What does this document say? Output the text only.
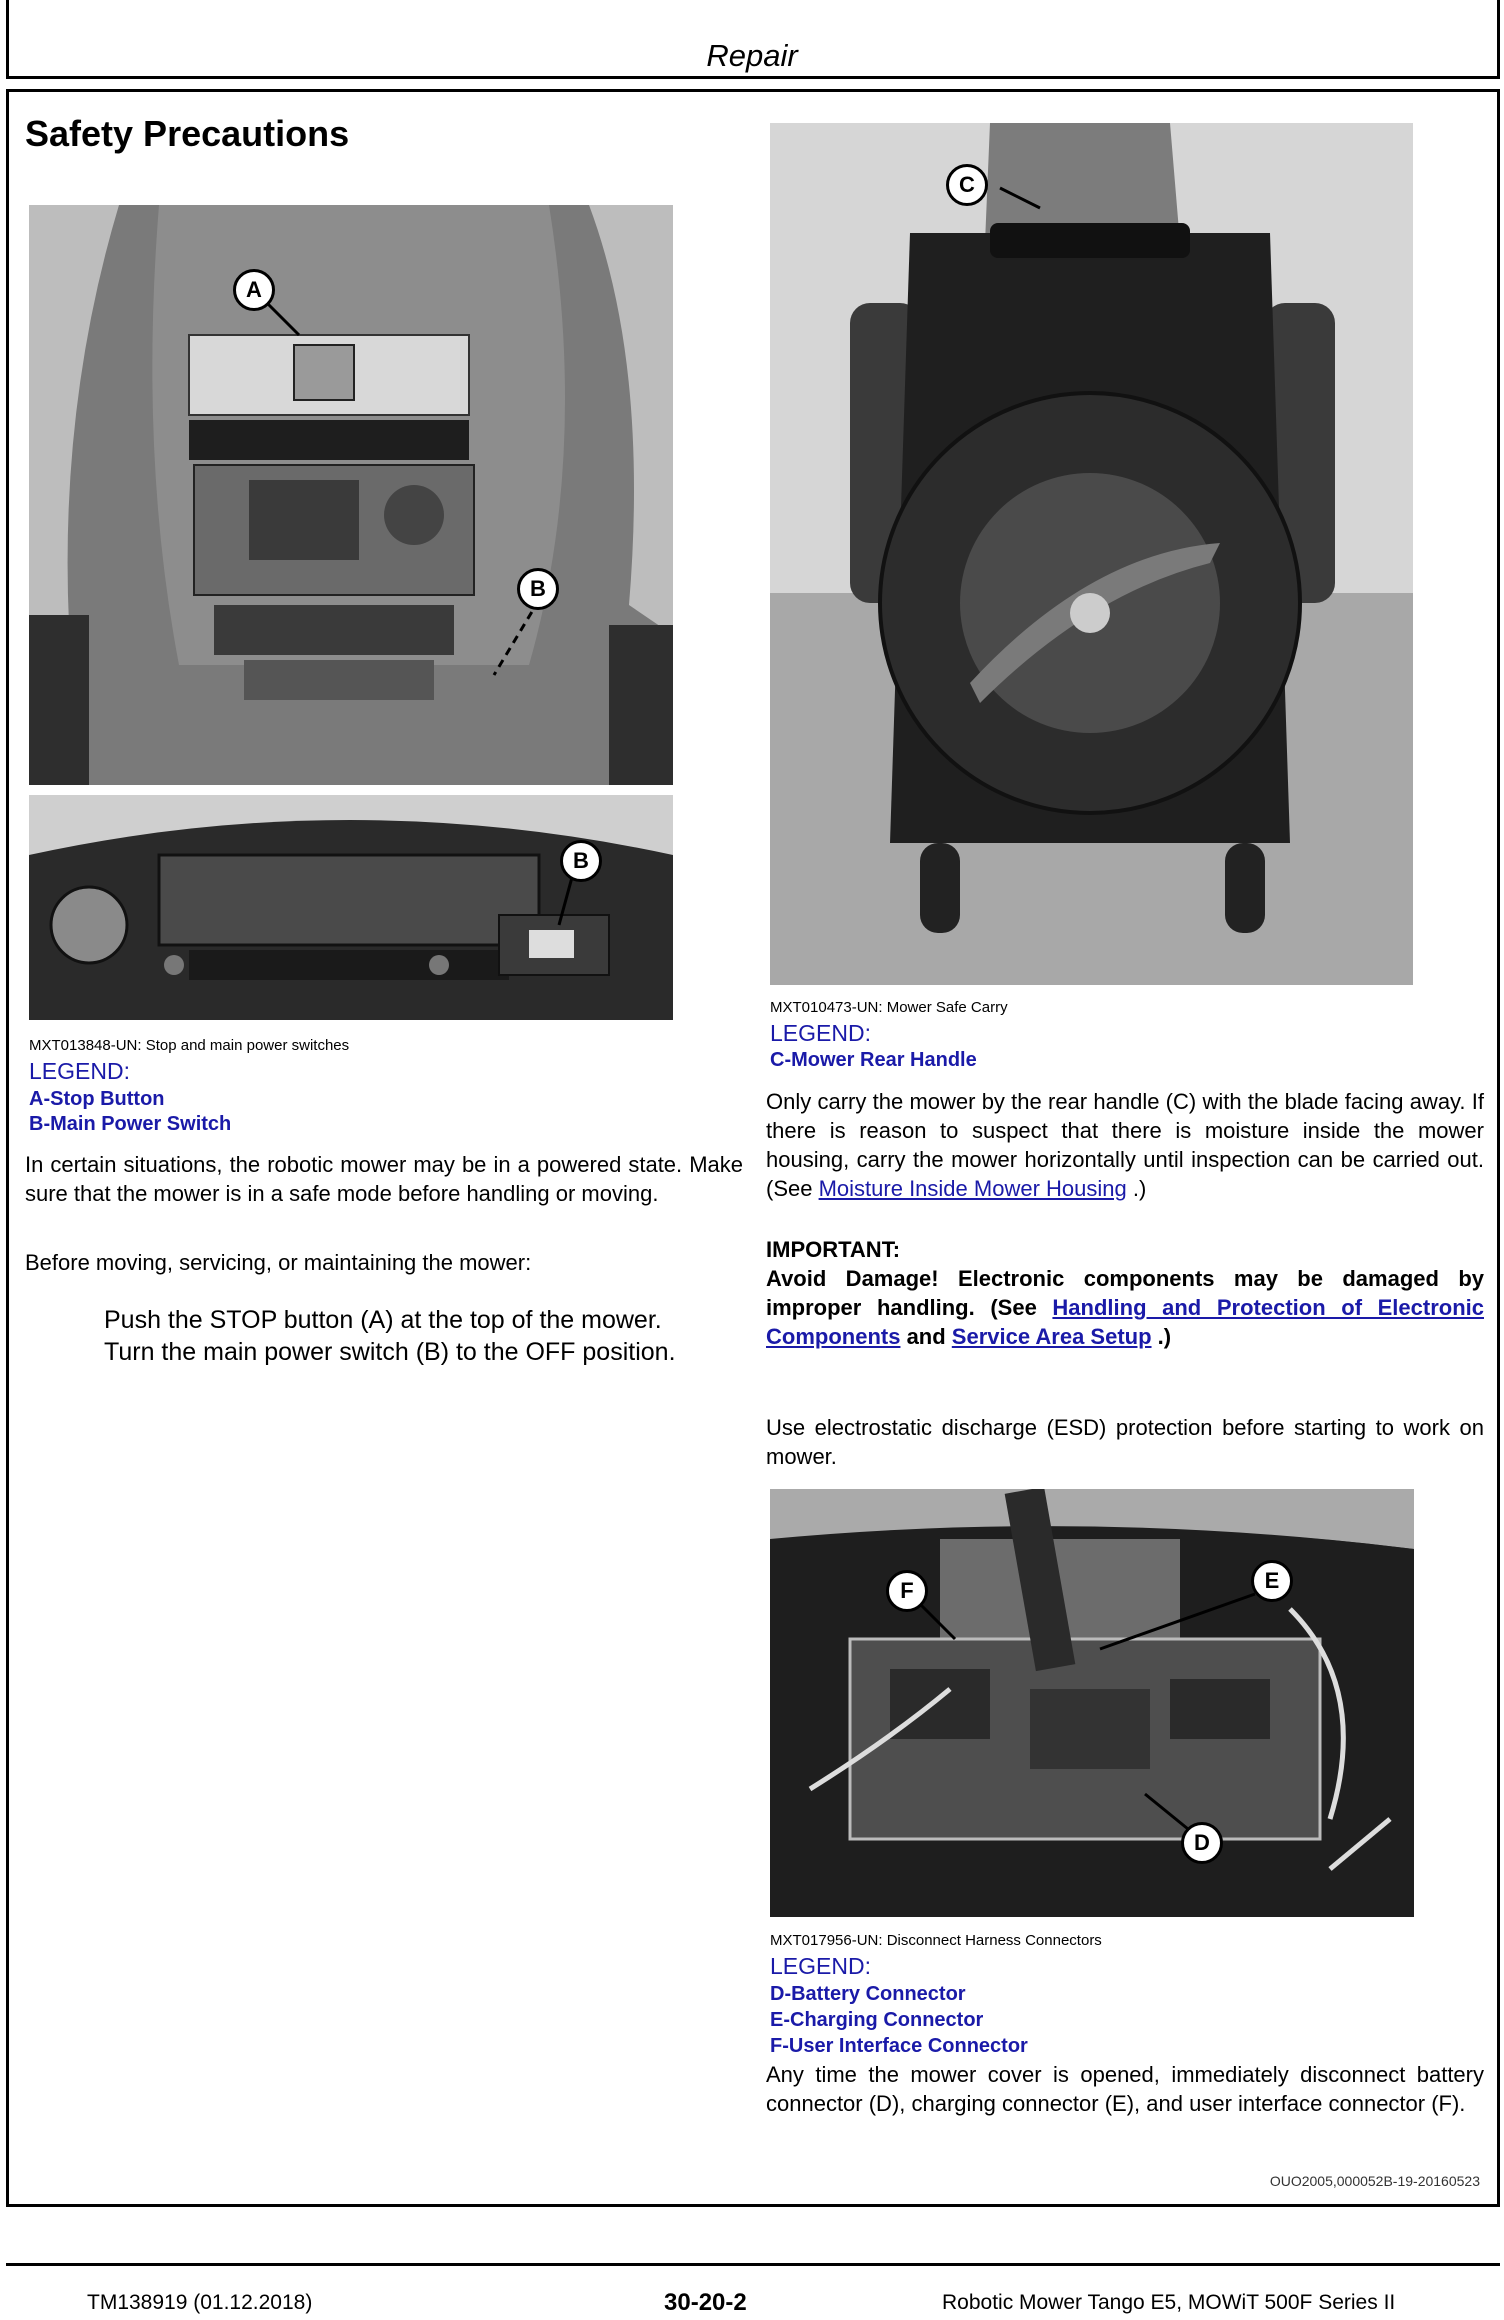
Repair
Safety Precautions
A
B
B
MXT013848-UN: Stop and main power switches
LEGEND:
A-Stop Button
B-Main Power Switch
In certain situations, the robotic mower may be in a powered state. Make sure that the mower is in a safe mode before handling or moving.
Before moving, servicing, or maintaining the mower:
Push the STOP button (A) at the top of the mower.
Turn the main power switch (B) to the OFF position.
C
MXT010473-UN: Mower Safe Carry
LEGEND:
C-Mower Rear Handle
Only carry the mower by the rear handle (C) with the blade facing away. If there is reason to suspect that there is moisture inside the mower housing, carry the mower horizontally until inspection can be carried out. (See Moisture Inside Mower Housing .)
IMPORTANT:
Avoid Damage! Electronic components may be damaged by improper handling. (See Handling and Protection of Electronic Components and Service Area Setup .)
Use electrostatic discharge (ESD) protection before starting to work on mower.
F	E
D
MXT017956-UN: Disconnect Harness Connectors
LEGEND:
D-Battery Connector
E-Charging Connector
F-User Interface Connector
Any time the mower cover is opened, immediately disconnect battery connector (D), charging connector (E), and user interface connector (F).
OUO2005,000052B-19-20160523
TM138919 (01.12.2018)	30-20-2	Robotic Mower Tango E5, MOWiT 500F Series II
